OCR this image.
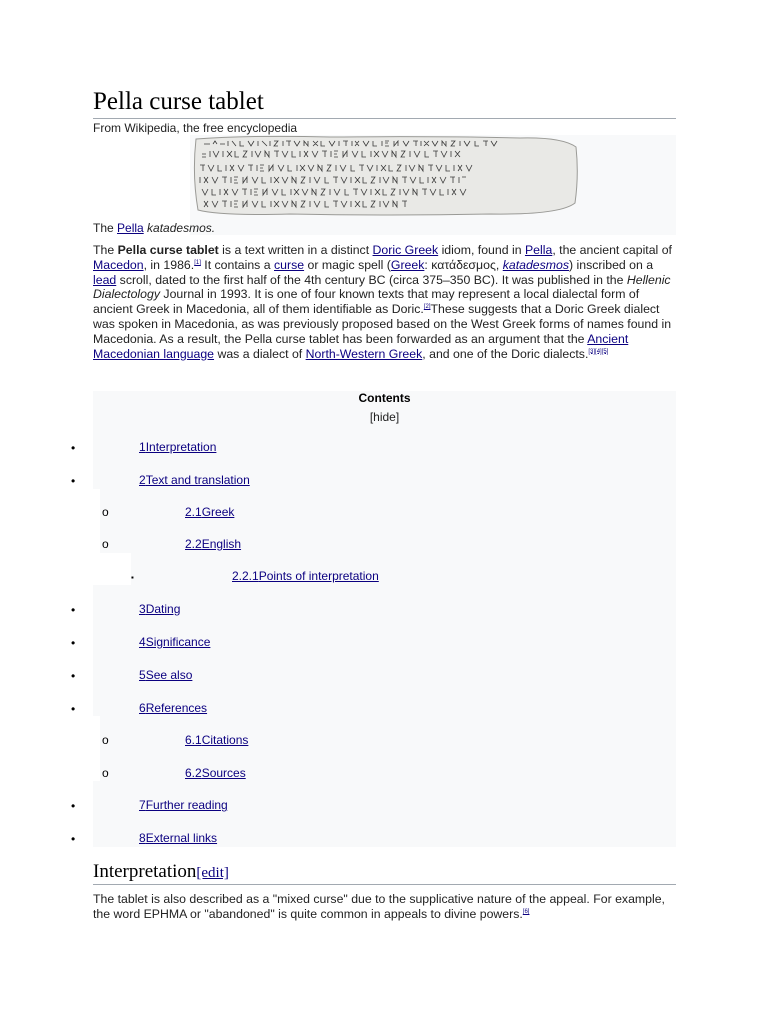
Pella curse tablet
From Wikipedia, the free encyclopedia
The Pella katadesmos.

The Pella curse tablet is a text written in a distinct Doric Greek idiom, found in Pella, the ancient capital of Macedon, in 1986.[1] It contains a curse or magic spell (Greek: κατάδεσμος, katadesmos) inscribed on a lead scroll, dated to the first half of the 4th century BC (circa 375–350 BC). It was published in the Hellenic Dialectology Journal in 1993. It is one of four known texts that may represent a local dialectal form of ancient Greek in Macedonia, all of them identifiable as Doric.[2]These suggests that a Doric Greek dialect was spoken in Macedonia, as was previously proposed based on the West Greek forms of names found in Macedonia. As a result, the Pella curse tablet has been forwarded as an argument that the Ancient Macedonian language was a dialect of North-Western Greek, and one of the Doric dialects.[3][4][5]

Contents
[hide]
•	1Interpretation
•	2Text and translation
o	2.1Greek
o	2.2English
▪	2.2.1Points of interpretation
•	3Dating
•	4Significance
•	5See also
•	6References
o	6.1Citations
o	6.2Sources
•	7Further reading
•	8External links
Interpretation[edit]

The tablet is also described as a "mixed curse" due to the supplicative nature of the appeal. For example, the word EPHMA or "abandoned" is quite common in appeals to divine powers.[6]
